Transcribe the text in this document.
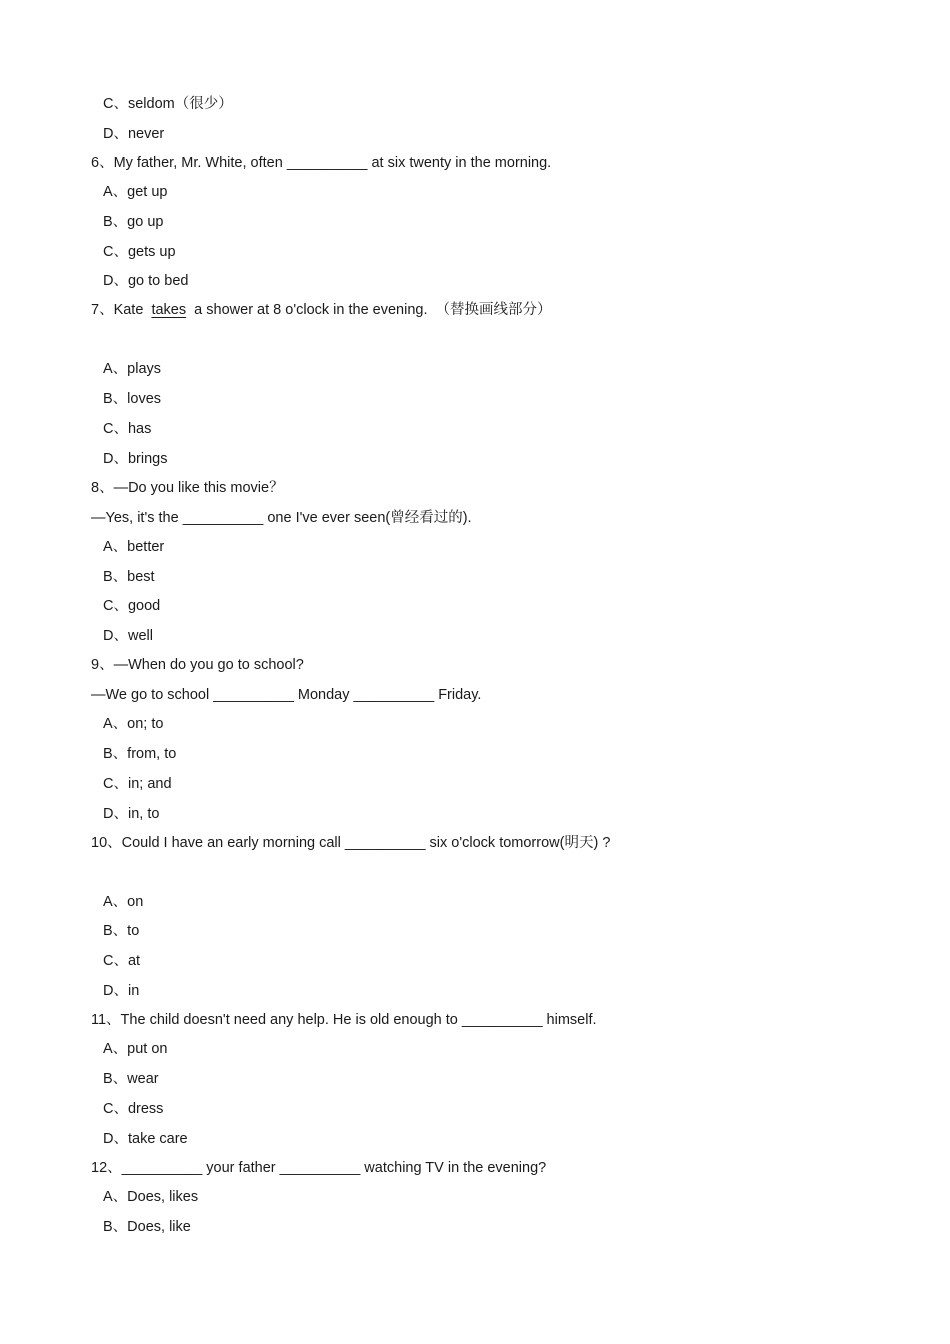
C、seldom（很少）
D、never
6、My father, Mr. White, often __________ at six twenty in the morning.
A、get up
B、go up
C、gets up
D、go to bed
7、Kate  takes  a shower at 8 o'clock in the evening.  （替换画线部分）
A、plays
B、loves
C、has
D、brings
8、—Do you like this movie？
—Yes, it's the __________ one I've ever seen(曾经看过的).
A、better
B、best
C、good
D、well
9、—When do you go to school?
—We go to school __________ Monday __________ Friday.
A、on; to
B、from, to
C、in; and
D、in, to
10、Could I have an early morning call __________ six o'clock tomorrow(明天) ?
A、on
B、to
C、at
D、in
11、The child doesn't need any help. He is old enough to __________ himself.
A、put on
B、wear
C、dress
D、take care
12、__________ your father __________ watching TV in the evening?
A、Does, likes
B、Does, like
